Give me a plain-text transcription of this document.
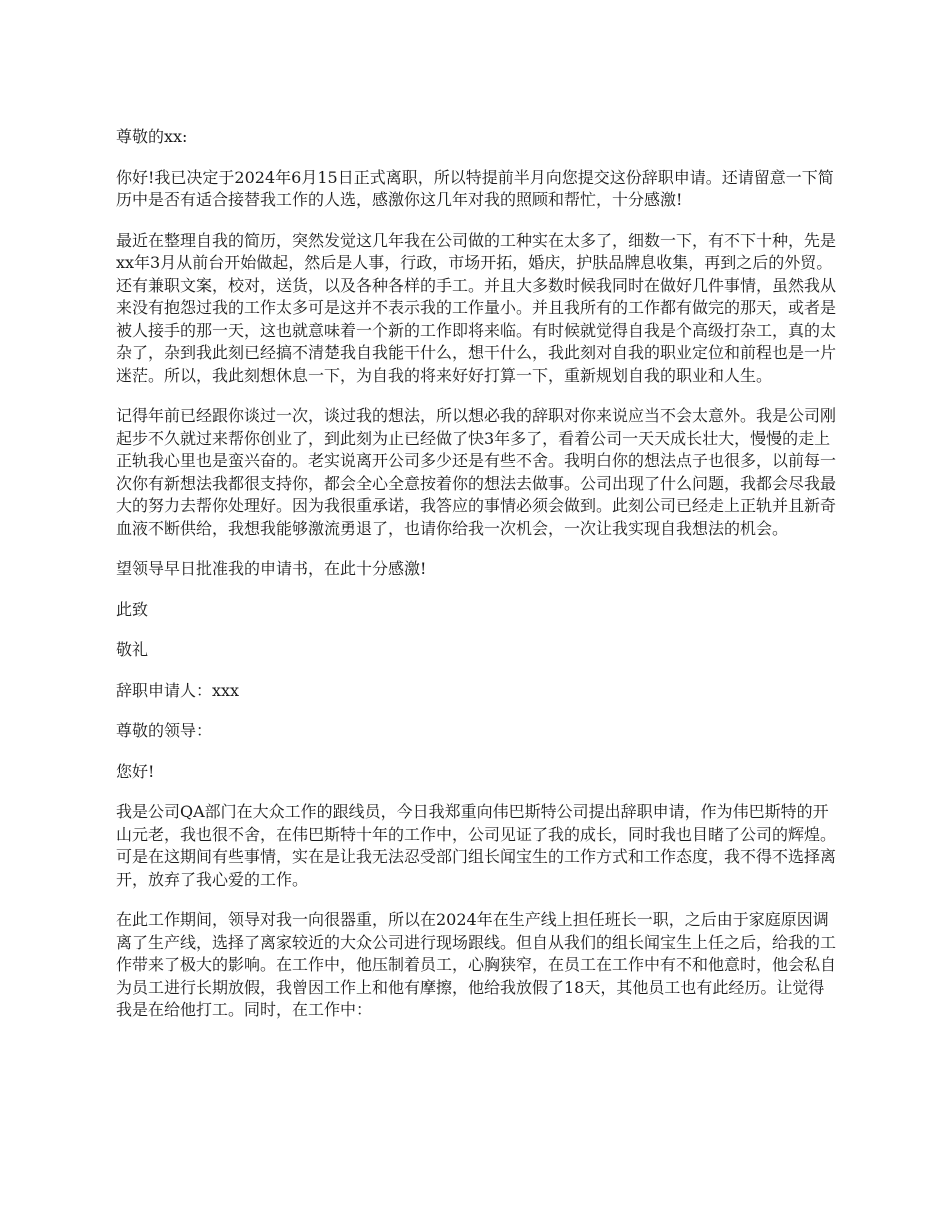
尊敬的xx:

你好!我已决定于2024年6月15日正式离职，所以特提前半月向您提交这份辞职申请。还请留意一下简历中是否有适合接替我工作的人选，感激你这几年对我的照顾和帮忙，十分感激!

最近在整理自我的简历，突然发觉这几年我在公司做的工种实在太多了，细数一下，有不下十种，先是xx年3月从前台开始做起，然后是人事，行政，市场开拓，婚庆，护肤品牌息收集，再到之后的外贸。还有兼职文案，校对，送货，以及各种各样的手工。并且大多数时候我同时在做好几件事情，虽然我从来没有抱怨过我的工作太多可是这并不表示我的工作量小。并且我所有的工作都有做完的那天，或者是被人接手的那一天，这也就意味着一个新的工作即将来临。有时候就觉得自我是个高级打杂工，真的太杂了，杂到我此刻已经搞不清楚我自我能干什么，想干什么，我此刻对自我的职业定位和前程也是一片迷茫。所以，我此刻想休息一下，为自我的将来好好打算一下，重新规划自我的职业和人生。

记得年前已经跟你谈过一次，谈过我的想法，所以想必我的辞职对你来说应当不会太意外。我是公司刚起步不久就过来帮你创业了，到此刻为止已经做了快3年多了，看着公司一天天成长壮大，慢慢的走上正轨我心里也是蛮兴奋的。老实说离开公司多少还是有些不舍。我明白你的想法点子也很多，以前每一次你有新想法我都很支持你，都会全心全意按着你的想法去做事。公司出现了什么问题，我都会尽我最大的努力去帮你处理好。因为我很重承诺，我答应的事情必须会做到。此刻公司已经走上正轨并且新奇血液不断供给，我想我能够激流勇退了，也请你给我一次机会，一次让我实现自我想法的机会。

望领导早日批准我的申请书，在此十分感激!

此致

敬礼

辞职申请人：xxx

尊敬的领导：

您好!

我是公司QA部门在大众工作的跟线员，今日我郑重向伟巴斯特公司提出辞职申请，作为伟巴斯特的开山元老，我也很不舍，在伟巴斯特十年的工作中，公司见证了我的成长，同时我也目睹了公司的辉煌。可是在这期间有些事情，实在是让我无法忍受部门组长闻宝生的工作方式和工作态度，我不得不选择离开，放弃了我心爱的工作。

在此工作期间，领导对我一向很器重，所以在2024年在生产线上担任班长一职，之后由于家庭原因调离了生产线，选择了离家较近的大众公司进行现场跟线。但自从我们的组长闻宝生上任之后，给我的工作带来了极大的影响。在工作中，他压制着员工，心胸狭窄，在员工在工作中有不和他意时，他会私自为员工进行长期放假，我曾因工作上和他有摩擦，他给我放假了18天，其他员工也有此经历。让觉得我是在给他打工。同时，在工作中：
